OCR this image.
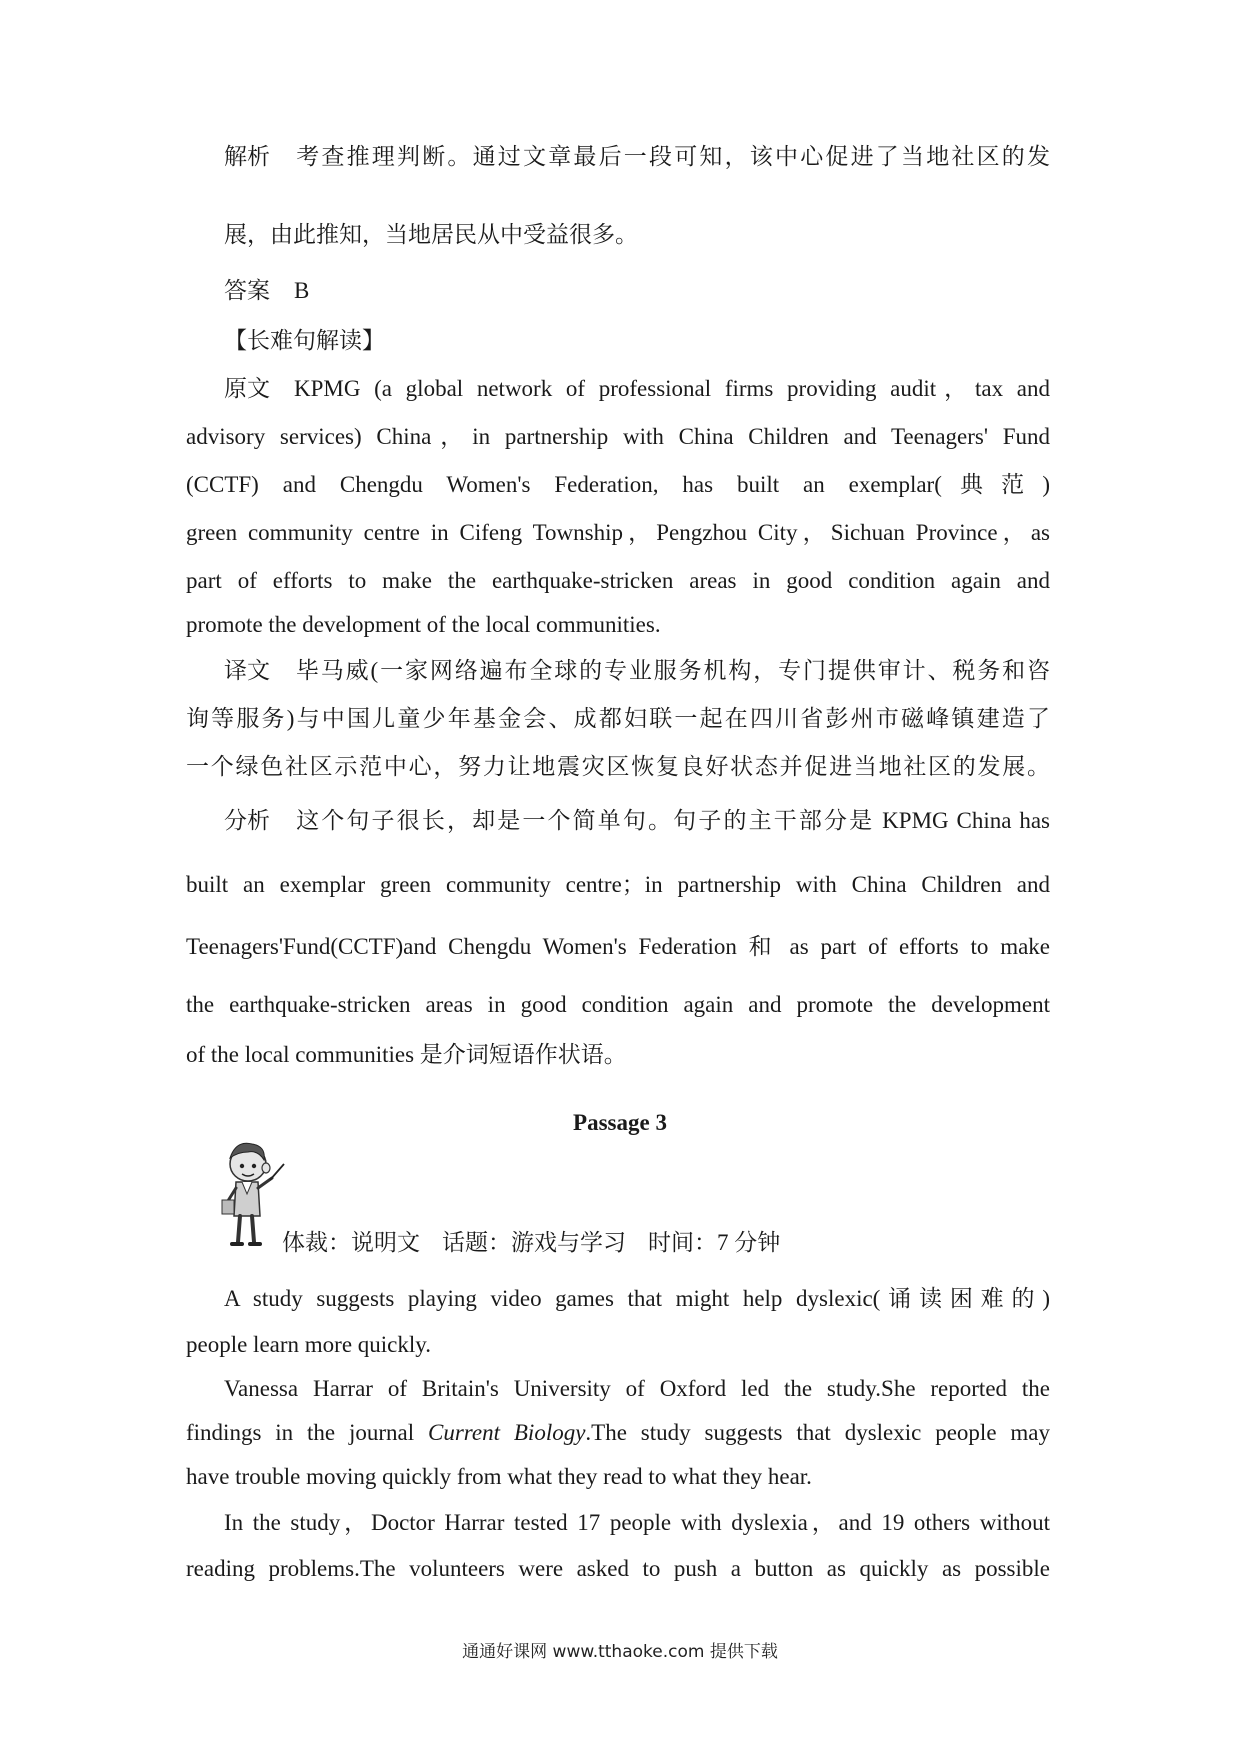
解析 考查推理判断。通过文章最后一段可知，该中心促进了当地社区的发

展，由此推知，当地居民从中受益很多。

答案 B

【长难句解读】

原文 KPMG (a global network of professional firms providing audit，tax and

advisory services) China，in partnership with China Children and Teenagers' Fund

(CCTF) and Chengdu Women's Federation, has built an exemplar(典范)

green community centre in Cifeng Township，Pengzhou City，Sichuan Province，as

part of efforts to make the earthquake-stricken areas in good condition again and

promote the development of the local communities.

译文 毕马威(一家网络遍布全球的专业服务机构，专门提供审计、税务和咨

询等服务)与中国儿童少年基金会、成都妇联一起在四川省彭州市磁峰镇建造了

一个绿色社区示范中心，努力让地震灾区恢复良好状态并促进当地社区的发展。

分析 这个句子很长，却是一个简单句。句子的主干部分是 KPMG China has

built an exemplar green community centre；in partnership with China Children and

Teenagers'Fund(CCTF)and Chengdu Women's Federation 和 as part of efforts to make

the earthquake-stricken areas in good condition again and promote the development

of the local communities 是介词短语作状语。

Passage 3

体裁：说明文 话题：游戏与学习 时间：7 分钟

A study suggests playing video games that might help dyslexic(诵读困难的)

people learn more quickly.

Vanessa Harrar of Britain's University of Oxford led the study.She reported the

findings in the journal Current Biology.The study suggests that dyslexic people may

have trouble moving quickly from what they read to what they hear.

In the study，Doctor Harrar tested 17 people with dyslexia，and 19 others without

reading problems.The volunteers were asked to push a button as quickly as possible

通通好课网 www.tthaoke.com 提供下载
